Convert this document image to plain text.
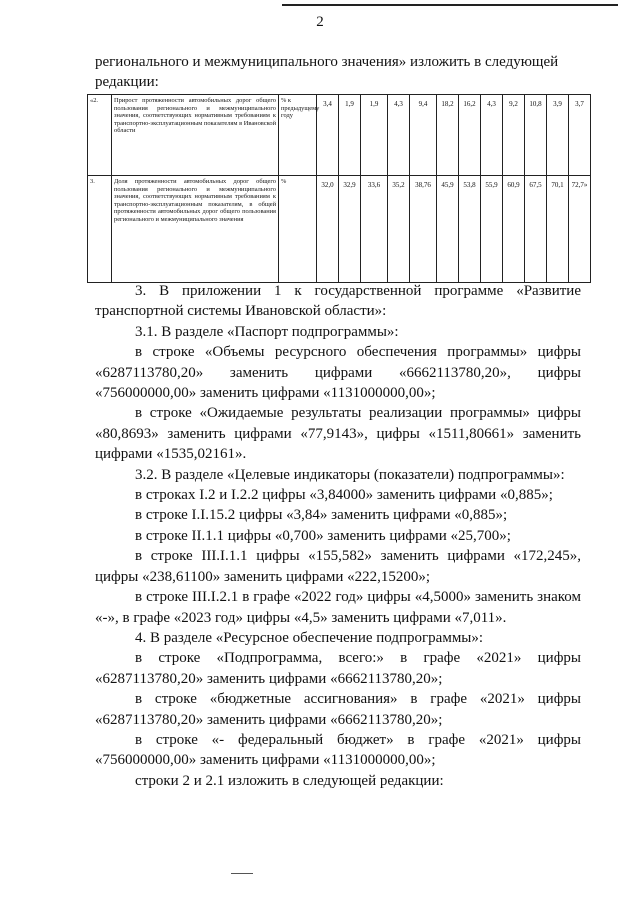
2
регионального и межмуниципального значения» изложить в следующей редакции:
«2.	Прирост протяженности автомобильных дорог общего пользования регионального и межмуниципального значения, соответствующих нормативным требованиям к транспортно-эксплуатационным показателям в Ивановской области	% к предыдущему году	3,4	1,9	1,9	4,3	9,4	18,2	16,2	4,3	9,2	10,8	3,9	3,7
3.	Доля протяженности автомобильных дорог общего пользования регионального и межмуниципального значения, соответствующих нормативным требованиям к транспортно-эксплуатационным показателям, в общей протяженности автомобильных дорог общего пользования регионального и межмуниципального значения	%	32,0	32,9	33,6	35,2	38,76	45,9	53,8	55,9	60,9	67,5	70,1	72,7»

3. В приложении 1 к государственной программе «Развитие транспортной системы Ивановской области»:

3.1. В разделе «Паспорт подпрограммы»:

в строке «Объемы ресурсного обеспечения программы» цифры «6287113780,20» заменить цифрами «6662113780,20», цифры «756000000,00» заменить цифрами «1131000000,00»;

в строке «Ожидаемые результаты реализации программы» цифры «80,8693» заменить цифрами «77,9143», цифры «1511,80661» заменить цифрами «1535,02161».

3.2. В разделе «Целевые индикаторы (показатели) подпрограммы»:

в строках I.2 и I.2.2 цифры «3,84000» заменить цифрами «0,885»;

в строке I.I.15.2 цифры «3,84» заменить цифрами «0,885»;

в строке II.1.1 цифры «0,700» заменить цифрами «25,700»;

в строке III.I.1.1 цифры «155,582» заменить цифрами «172,245», цифры «238,61100» заменить цифрами «222,15200»;

в строке III.I.2.1 в графе «2022 год» цифры «4,5000» заменить знаком «-», в графе «2023 год» цифры «4,5» заменить цифрами «7,011».

4. В разделе «Ресурсное обеспечение подпрограммы»:

в строке «Подпрограмма, всего:» в графе «2021» цифры «6287113780,20» заменить цифрами «6662113780,20»;

в строке «бюджетные ассигнования» в графе «2021» цифры «6287113780,20» заменить цифрами «6662113780,20»;

в строке «- федеральный бюджет» в графе «2021» цифры «756000000,00» заменить цифрами «1131000000,00»;

строки 2 и 2.1 изложить в следующей редакции:
